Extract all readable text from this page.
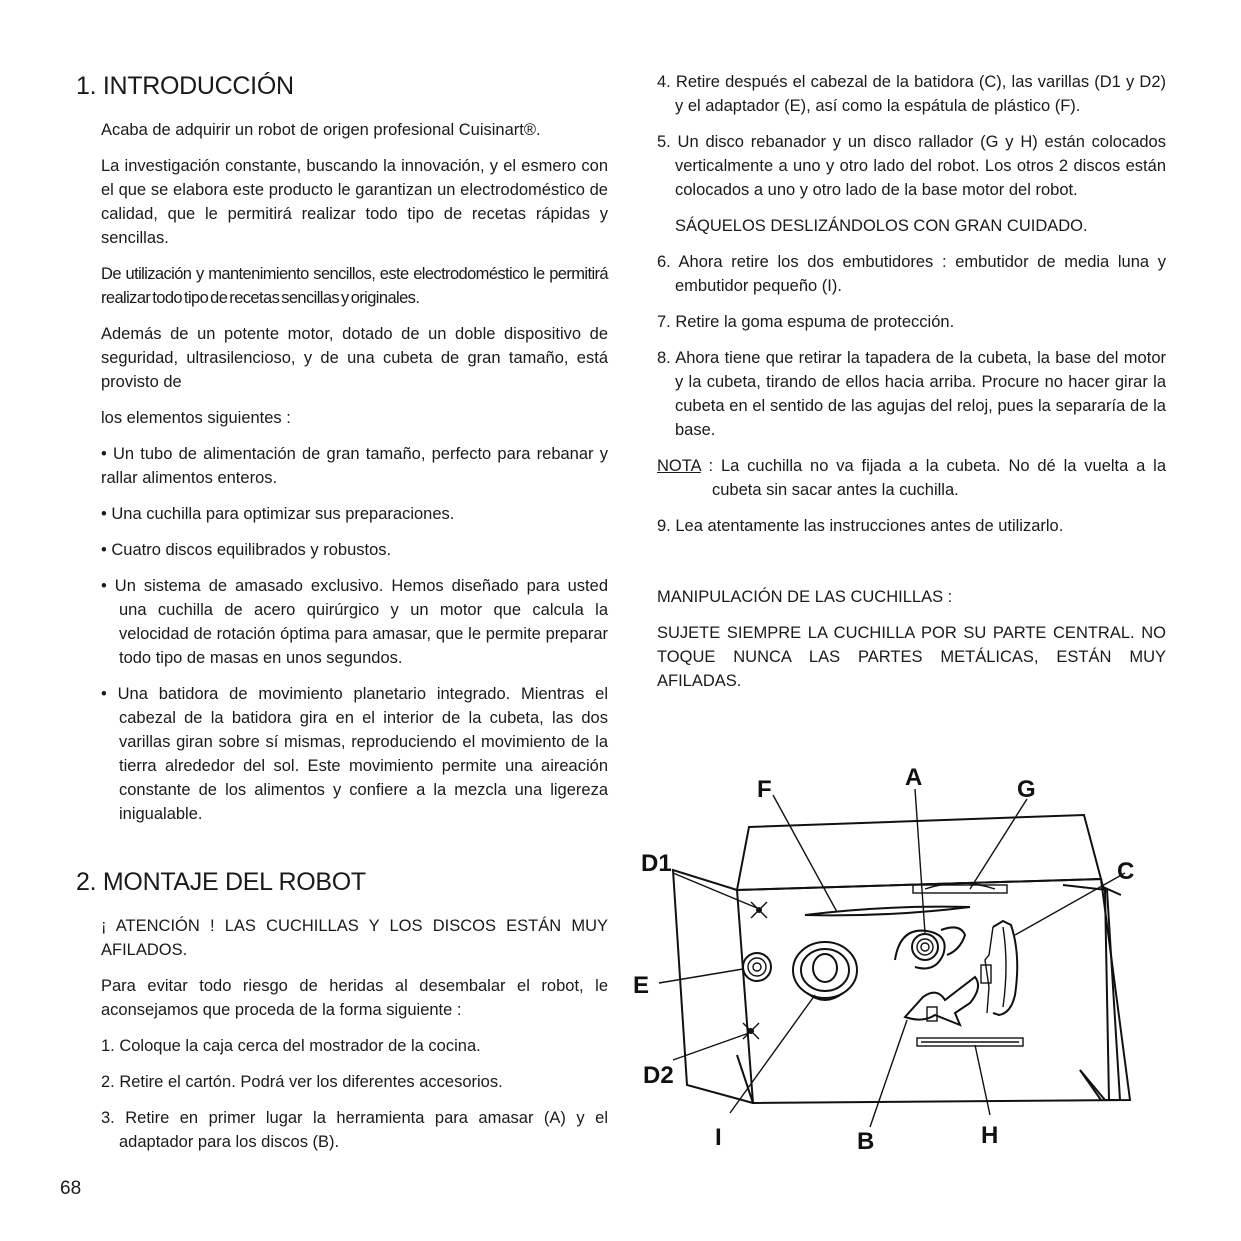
1. INTRODUCCIÓN

Acaba de adquirir un robot de origen profesional Cuisinart®.

La investigación constante, buscando la innovación, y el esmero con el que se elabora este producto le garantizan un electrodoméstico de calidad, que le permitirá realizar todo tipo de recetas rápidas y sencillas.

De utilización y mantenimiento sencillos, este electrodoméstico le permitirá realizar todo tipo de recetas sencillas y originales.

Además de un potente motor, dotado de un doble dispositivo de seguridad, ultrasilencioso, y de una cubeta de gran tamaño, está provisto de

los elementos siguientes :

• Un tubo de alimentación de gran tamaño, perfecto para rebanar y rallar alimentos enteros.

• Una cuchilla para optimizar sus preparaciones.

• Cuatro discos equilibrados y robustos.

• Un sistema de amasado exclusivo. Hemos diseñado para usted una cuchilla de acero quirúrgico y un motor que calcula la velocidad de rotación óptima para amasar, que le permite preparar todo tipo de masas en unos segundos.

• Una batidora de movimiento planetario integrado. Mientras el cabezal de la batidora gira en el interior de la cubeta, las dos varillas giran sobre sí mismas, reproduciendo el movimiento de la tierra alrededor del sol. Este movimiento permite una aireación constante de los alimentos y confiere a la mezcla una ligereza inigualable.

2. MONTAJE DEL ROBOT

¡ ATENCIÓN ! LAS CUCHILLAS Y LOS DISCOS ESTÁN MUY AFILADOS.

Para evitar todo riesgo de heridas al desembalar el robot, le aconsejamos que proceda de la forma siguiente :

1. Coloque la caja cerca del mostrador de la cocina.

2. Retire el cartón. Podrá ver los diferentes accesorios.

3. Retire en primer lugar la herramienta para amasar (A) y el adaptador para los discos (B).

4. Retire después el cabezal de la batidora (C), las varillas (D1 y D2) y el adaptador (E), así como la espátula de plástico (F).

5. Un disco rebanador y un disco rallador (G y H) están colocados verticalmente a uno y otro lado del robot. Los otros 2 discos están colocados a uno y otro lado de la base motor del robot.

SÁQUELOS DESLIZÁNDOLOS CON GRAN CUIDADO.

6. Ahora retire los dos embutidores : embutidor de media luna y embutidor pequeño (I).

7. Retire la goma espuma de protección.

8. Ahora tiene que retirar la tapadera de la cubeta, la base del motor y la cubeta, tirando de ellos hacia arriba. Procure no hacer girar la cubeta en el sentido de las agujas del reloj, pues la separaría de la base.

NOTA : La cuchilla no va fijada a la cubeta. No dé la vuelta a la cubeta sin sacar antes la cuchilla.

9. Lea atentamente las instrucciones antes de utilizarlo.

MANIPULACIÓN DE LAS CUCHILLAS :

SUJETE SIEMPRE LA CUCHILLA POR SU PARTE CENTRAL. NO TOQUE NUNCA LAS PARTES METÁLICAS, ESTÁN MUY AFILADAS.

F	A	G
D1	C
E
D2
I	B	H
68
